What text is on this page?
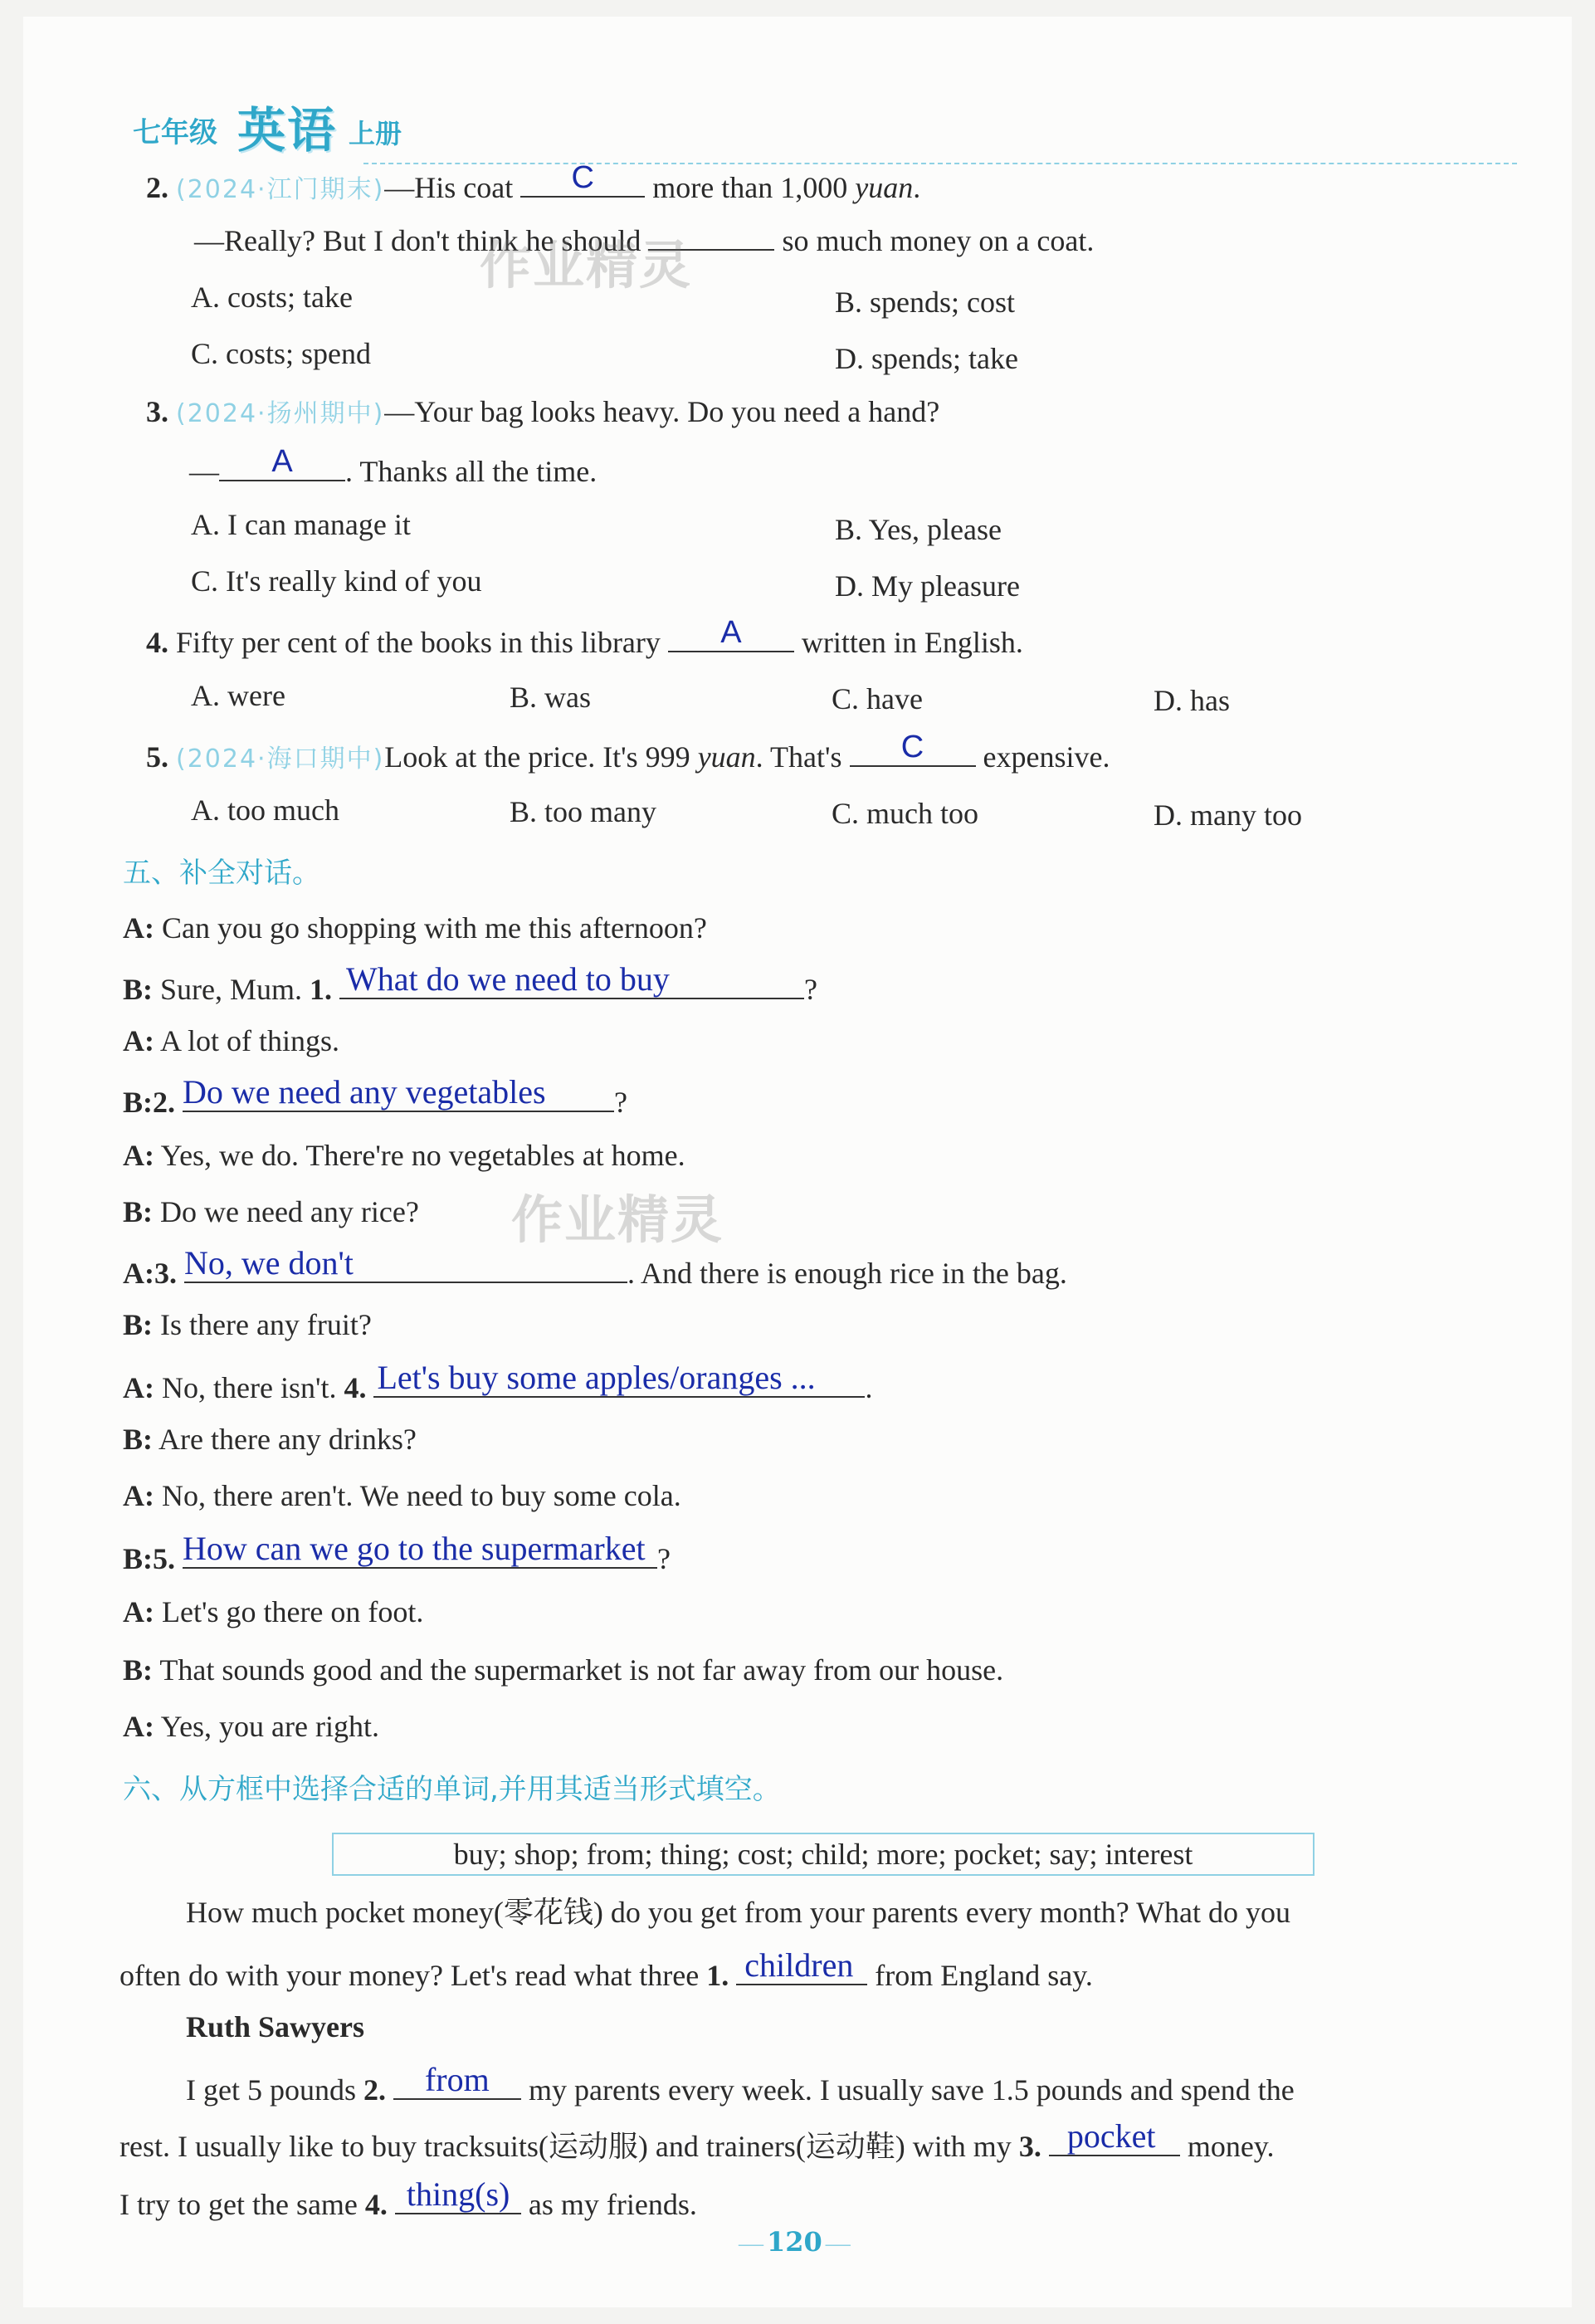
七年级 英语 上册
2. (2024·江门期末)—His coat	C	more than 1,000 yuan.
—Really? But I don't think he should	so much money on a coat.
A. costs; take	B. spends; cost
C. costs; spend	D. spends; take
3. (2024·扬州期中)—Your bag looks heavy. Do you need a hand?
—	A	. Thanks all the time.
A. I can manage it	B. Yes, please
C. It's really kind of you	D. My pleasure
4. Fifty per cent of the books in this library	A	written in English.
A. were	B. was	C. have	D. has
5. (2024·海口期中)Look at the price. It's 999 yuan. That's	C	expensive.
A. too much	B. too many	C. much too	D. many too
五、补全对话。
A: Can you go shopping with me this afternoon?
B: Sure, Mum. 1. What do we need to buy	?
A: A lot of things.
B:2. Do we need any vegetables ?
A: Yes, we do. There're no vegetables at home.
B: Do we need any rice?
A:3. No, we don't	. And there is enough rice in the bag.
B: Is there any fruit?
A: No, there isn't. 4. Let's buy some apples/oranges ... .
B: Are there any drinks?
A: No, there aren't. We need to buy some cola.
B:5. How can we go to the supermarket ?
A: Let's go there on foot.
B: That sounds good and the supermarket is not far away from our house.
A: Yes, you are right.
六、从方框中选择合适的单词,并用其适当形式填空。
buy; shop; from; thing; cost; child; more; pocket; say; interest
How much pocket money(零花钱) do you get from your parents every month? What do you
often do with your money? Let's read what three 1. children from England say.
Ruth Sawyers
I get 5 pounds 2. from my parents every week. I usually save 1.5 pounds and spend the
rest. I usually like to buy tracksuits(运动服) and trainers(运动鞋) with my 3. pocket money.
I try to get the same 4. thing(s) as my friends.
作业精灵
作业精灵
— 120 —
